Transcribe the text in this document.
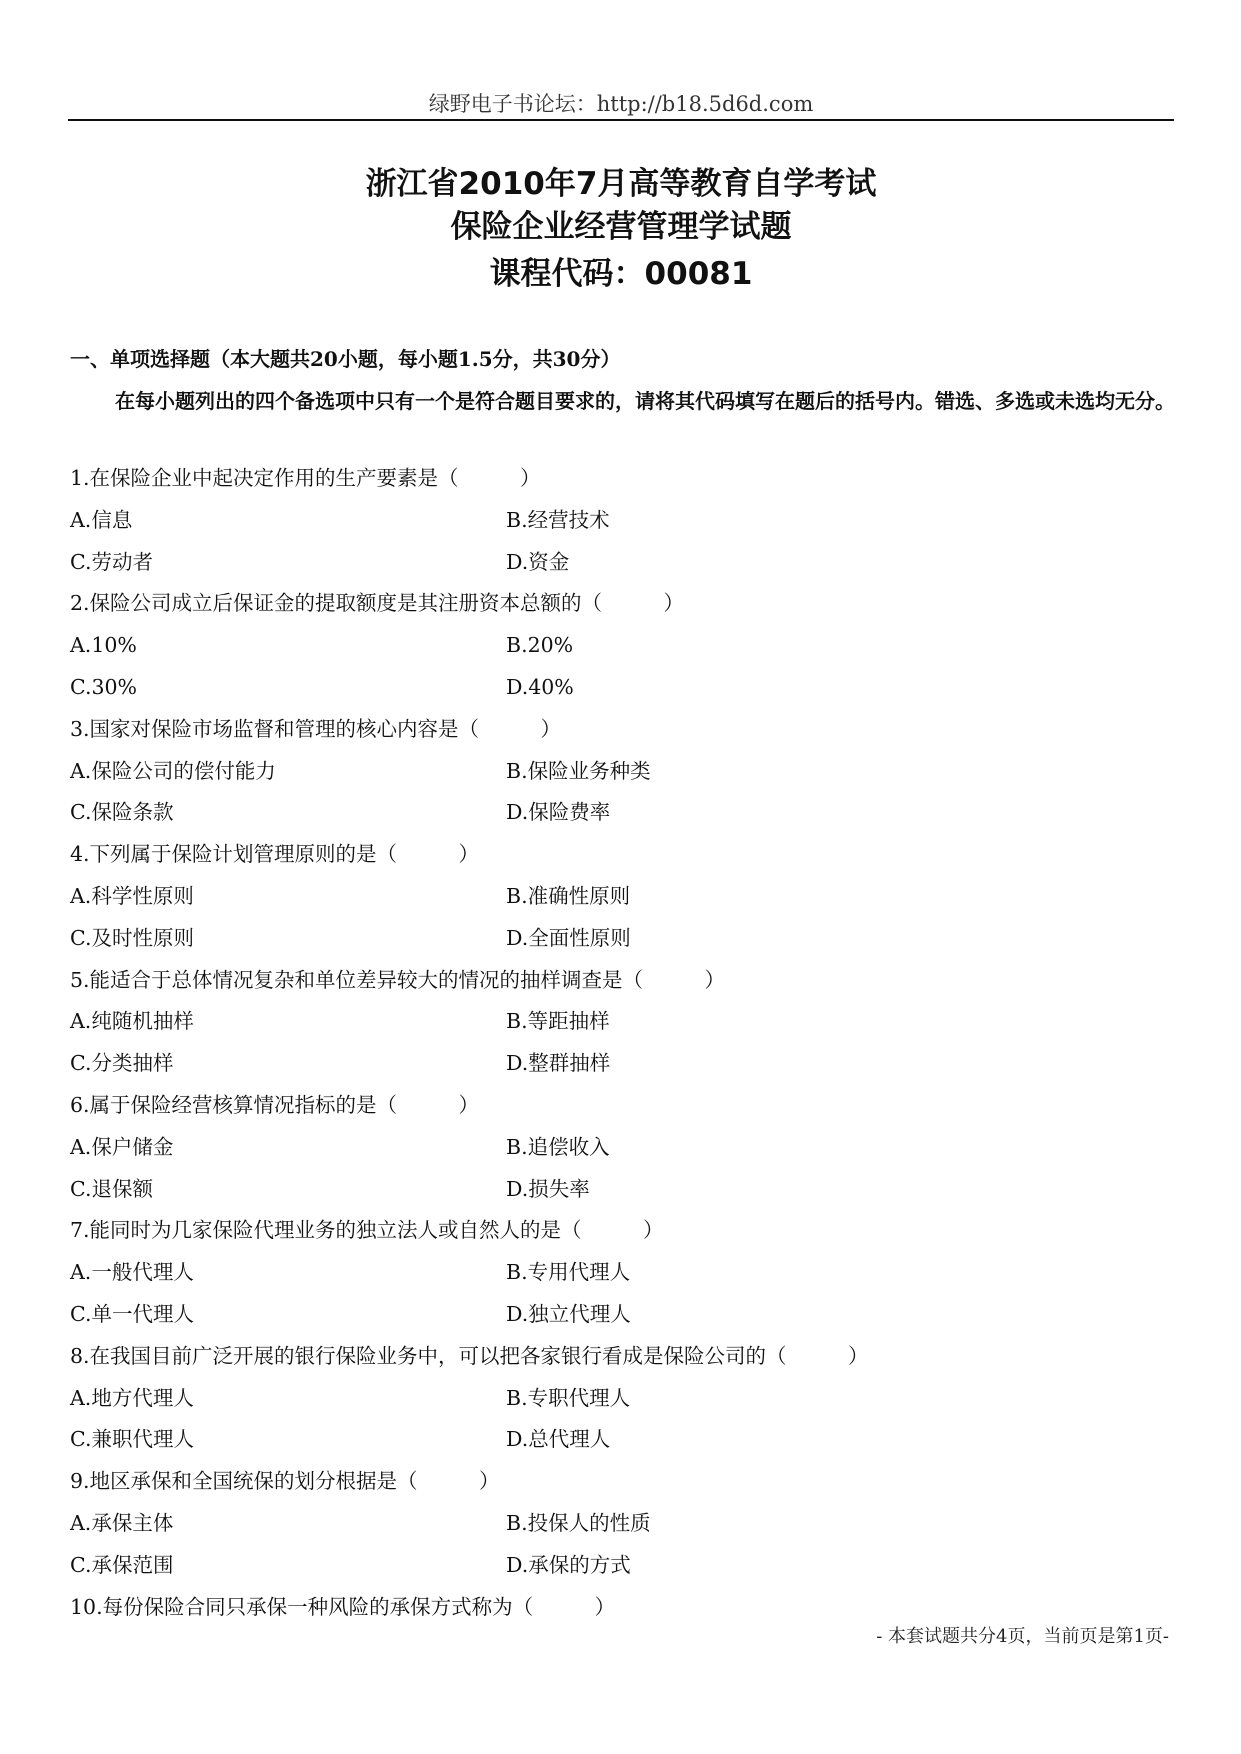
绿野电子书论坛：http://b18.5d6d.com
浙江省2010年7月高等教育自学考试
保险企业经营管理学试题
课程代码：00081
一、单项选择题（本大题共20小题，每小题1.5分，共30分）
在每小题列出的四个备选项中只有一个是符合题目要求的，请将其代码填写在题后的括号内。错选、多选或未选均无分。
1.在保险企业中起决定作用的生产要素是（　　　）
A.信息	B.经营技术
C.劳动者	D.资金
2.保险公司成立后保证金的提取额度是其注册资本总额的（　　　）
A.10%	B.20%
C.30%	D.40%
3.国家对保险市场监督和管理的核心内容是（　　　）
A.保险公司的偿付能力	B.保险业务种类
C.保险条款	D.保险费率
4.下列属于保险计划管理原则的是（　　　）
A.科学性原则	B.准确性原则
C.及时性原则	D.全面性原则
5.能适合于总体情况复杂和单位差异较大的情况的抽样调查是（　　　）
A.纯随机抽样	B.等距抽样
C.分类抽样	D.整群抽样
6.属于保险经营核算情况指标的是（　　　）
A.保户储金	B.追偿收入
C.退保额	D.损失率
7.能同时为几家保险代理业务的独立法人或自然人的是（　　　）
A.一般代理人	B.专用代理人
C.单一代理人	D.独立代理人
8.在我国目前广泛开展的银行保险业务中，可以把各家银行看成是保险公司的（　　　）
A.地方代理人	B.专职代理人
C.兼职代理人	D.总代理人
9.地区承保和全国统保的划分根据是（　　　）
A.承保主体	B.投保人的性质
C.承保范围	D.承保的方式
10.每份保险合同只承保一种风险的承保方式称为（　　　）
- 本套试题共分4页，当前页是第1页-
